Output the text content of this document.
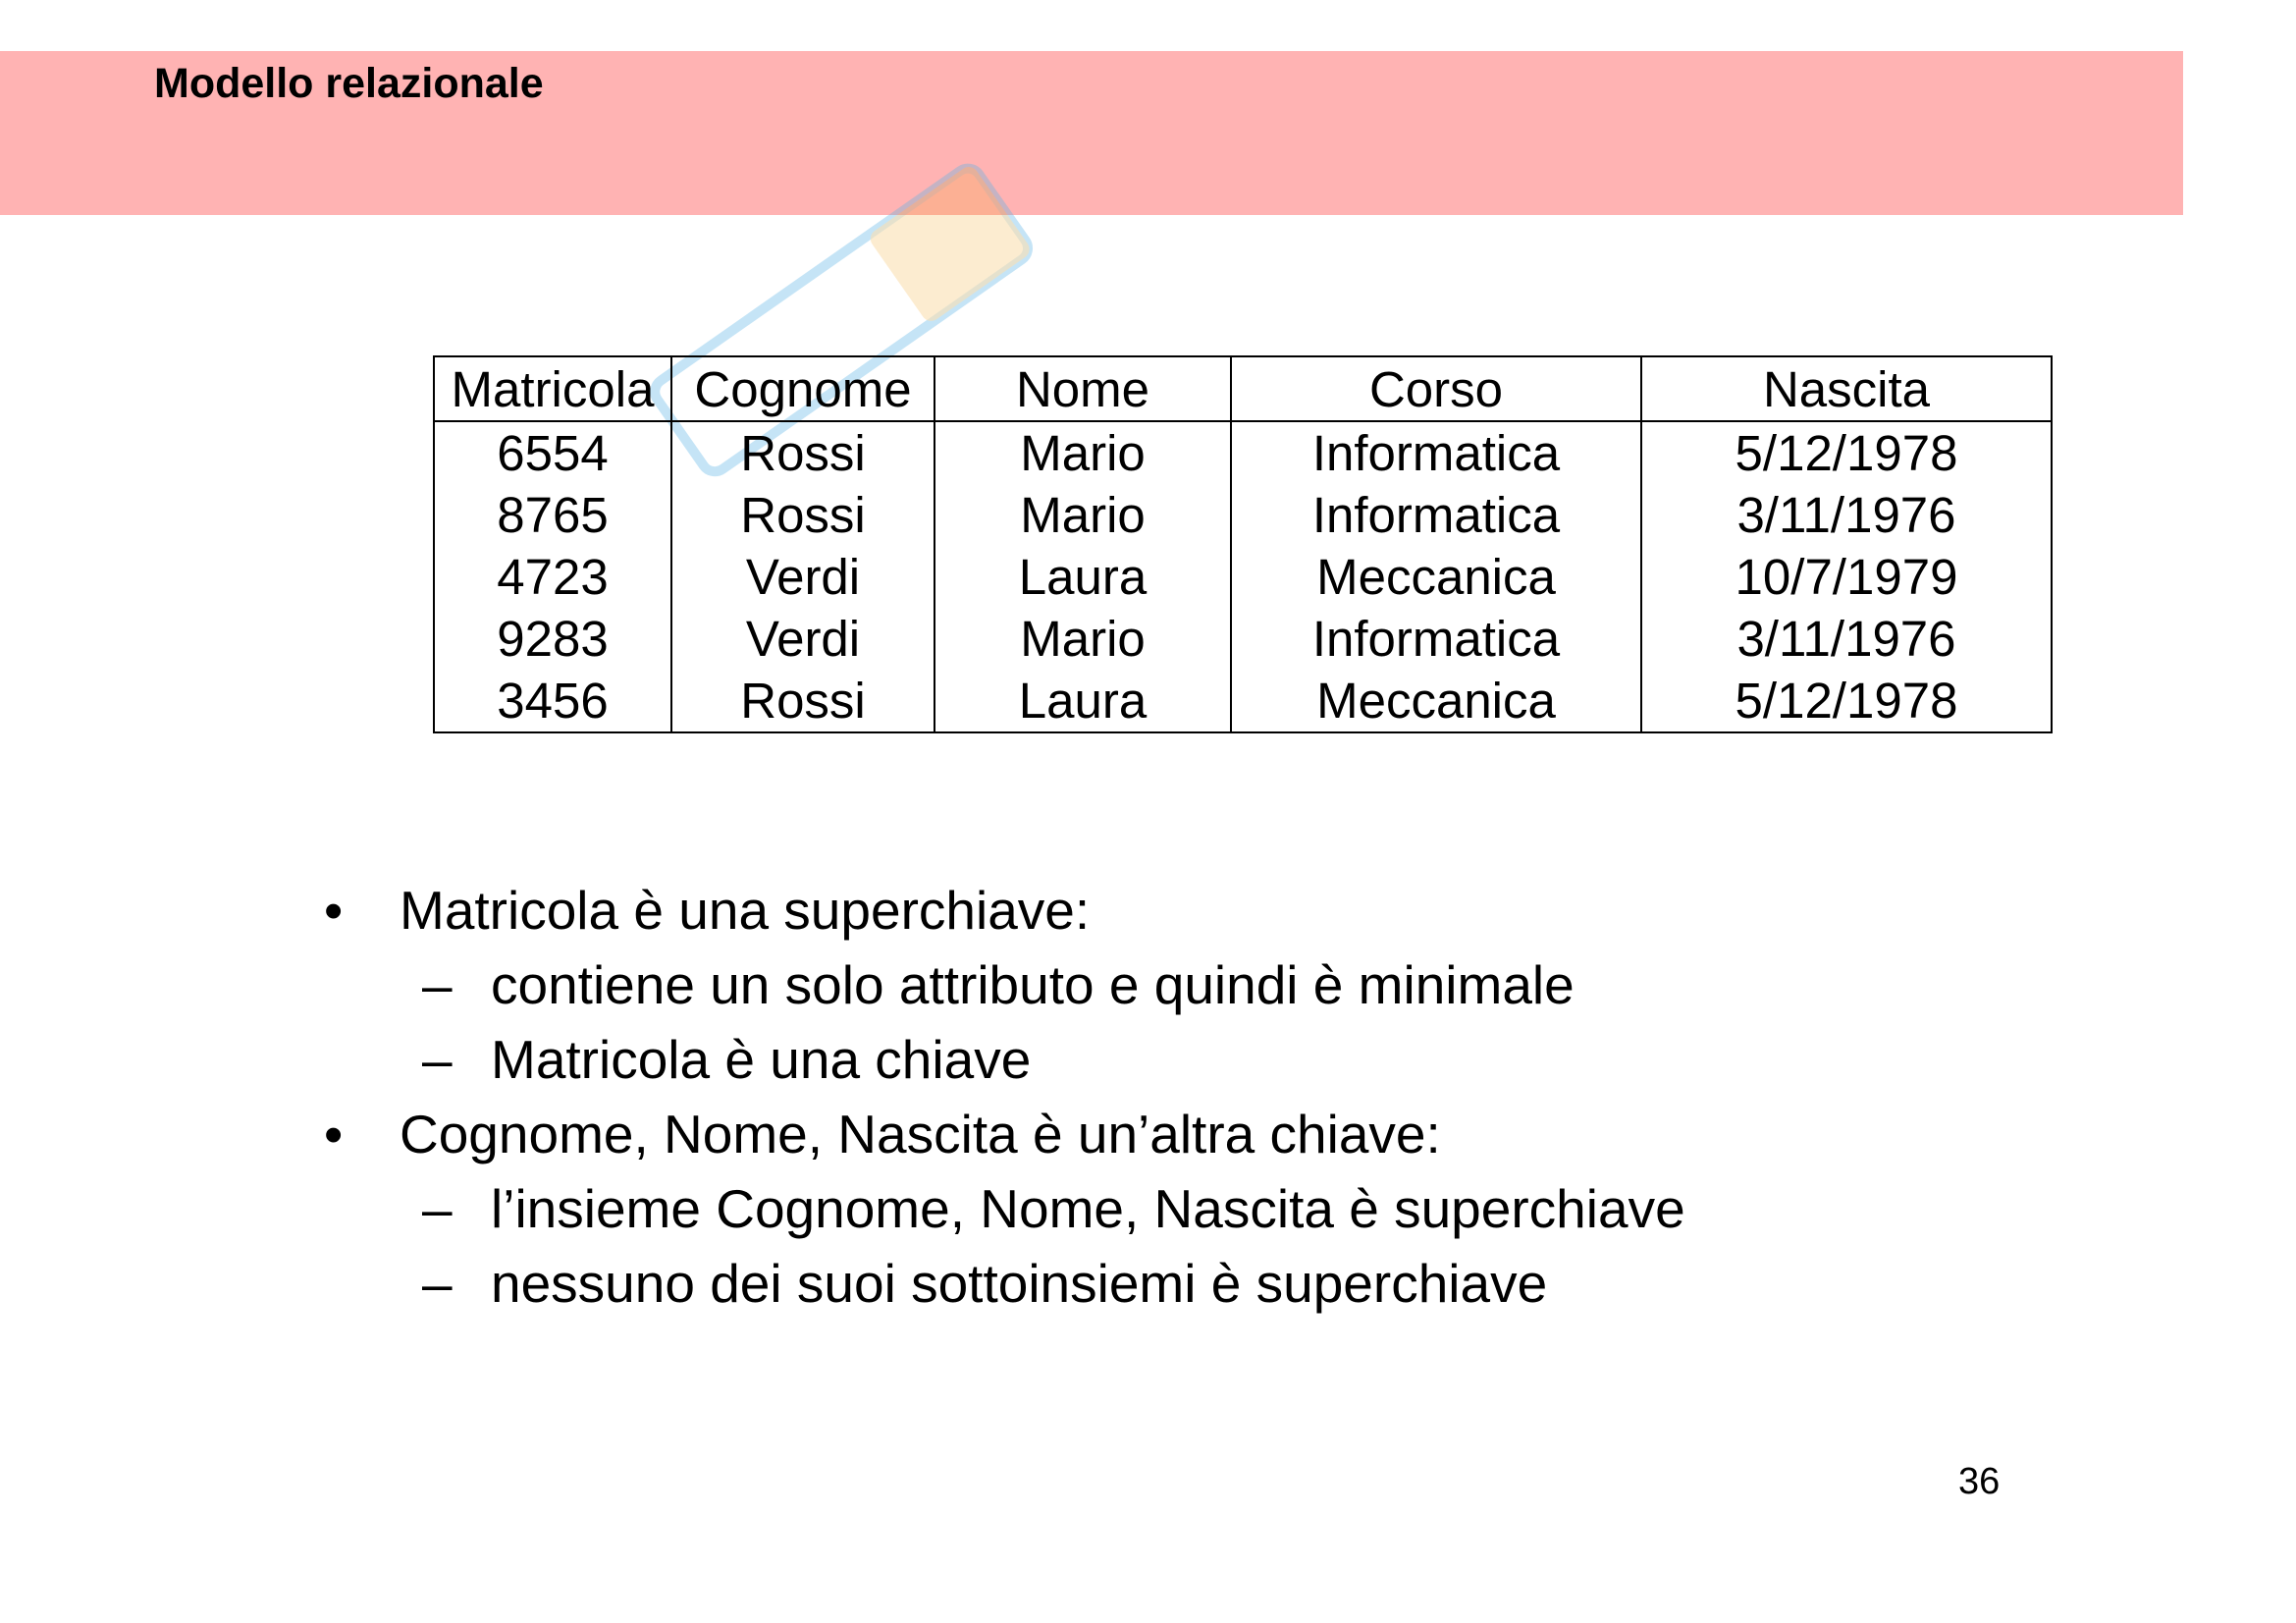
Modello relazionale
Matricola	Cognome	Nome	Corso	Nascita
6554	Rossi	Mario	Informatica	5/12/1978
8765	Rossi	Mario	Informatica	3/11/1976
4723	Verdi	Laura	Meccanica	10/7/1979
9283	Verdi	Mario	Informatica	3/11/1976
3456	Rossi	Laura	Meccanica	5/12/1978
• Matricola è una superchiave:
– contiene un solo attributo e quindi è minimale
– Matricola è una chiave
• Cognome, Nome, Nascita è un’altra chiave:
– l’insieme Cognome, Nome, Nascita è superchiave
– nessuno dei suoi sottoinsiemi è superchiave
36
